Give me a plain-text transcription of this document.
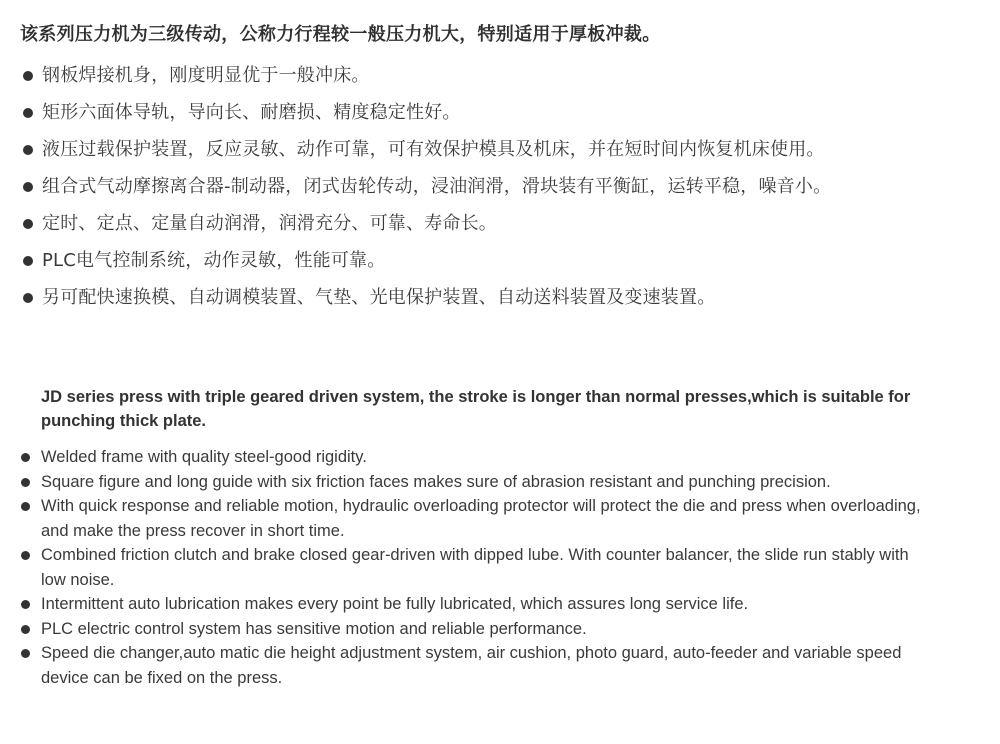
该系列压力机为三级传动，公称力行程较一般压力机大，特别适用于厚板冲裁。
钢板焊接机身，刚度明显优于一般冲床。
矩形六面体导轨，导向长、耐磨损、精度稳定性好。
液压过载保护装置，反应灵敏、动作可靠，可有效保护模具及机床，并在短时间内恢复机床使用。
组合式气动摩擦离合器-制动器，闭式齿轮传动，浸油润滑，滑块装有平衡缸，运转平稳，噪音小。
定时、定点、定量自动润滑，润滑充分、可靠、寿命长。
PLC电气控制系统，动作灵敏，性能可靠。
另可配快速换模、自动调模装置、气垫、光电保护装置、自动送料装置及变速装置。
JD series press with triple geared driven system, the stroke is longer than normal presses,which is suitable for punching thick plate.
Welded frame with quality steel-good rigidity.
Square figure and long guide with six friction faces makes sure of abrasion resistant and punching precision.
With quick response and reliable motion, hydraulic overloading protector will protect the die and press when overloading, and make the press recover in short time.
Combined friction clutch and brake closed gear-driven with dipped lube. With counter balancer, the slide run stably with low noise.
Intermittent auto lubrication makes every point be fully lubricated, which assures long service life.
PLC electric control system has sensitive motion and reliable performance.
Speed die changer,auto matic die height adjustment system, air cushion, photo guard, auto-feeder and variable speed device can be fixed on the press.
